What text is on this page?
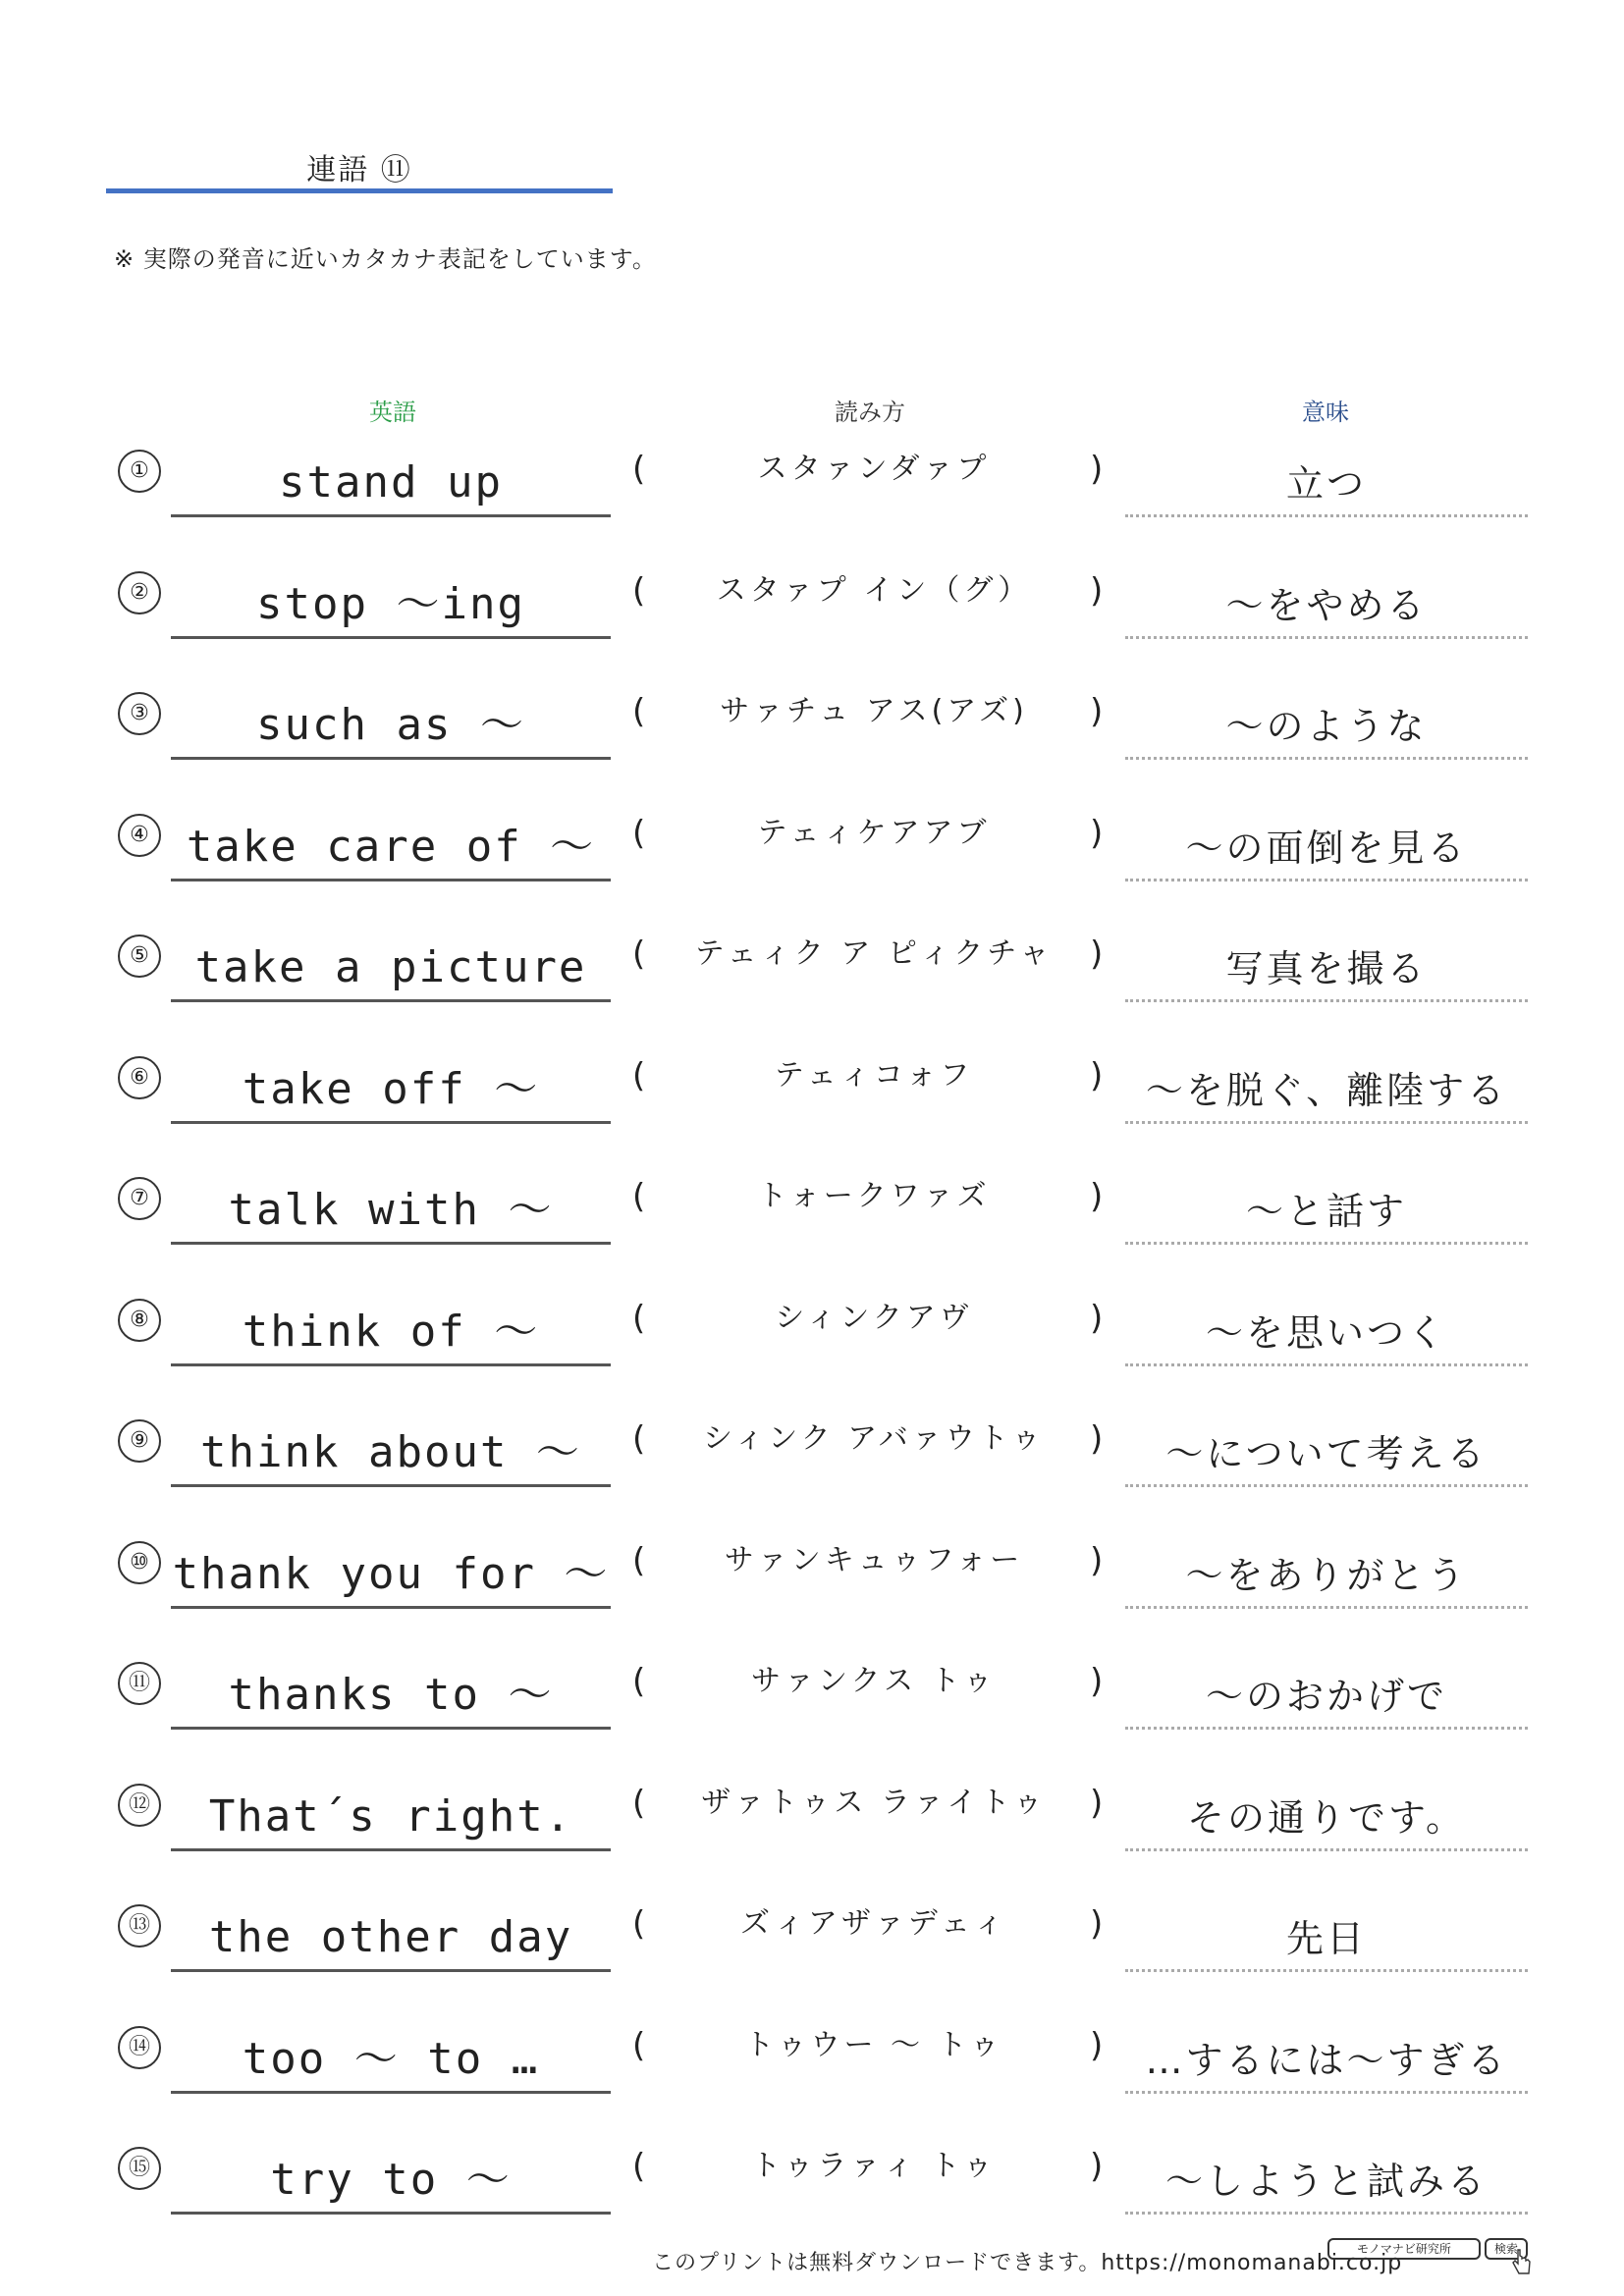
連語 ⑪
※ 実際の発音に近いカタカナ表記をしています。
英語	読み方	意味
①	stand up	(	スタァンダァプ	)	立つ
②	stop ～ing	(	スタァプ イン（グ）	)	～をやめる
③	such as ～	(	サァチュ アス(アズ)	)	～のような
④ take care of ～	(	テェィケアアブ	)	～の面倒を見る
⑤	take a picture	(	テェィク ア ピィクチャ	)	写真を撮る
⑥	take off ～	(	テェィコォフ	)	～を脱ぐ、離陸する
⑦	talk with ～	(	トォークワァズ	)	～と話す
⑧	think of ～	(	シィンクアヴ	)	～を思いつく
⑨	think about ～	(	シィンク アバァウトゥ	)	～について考える
⑩ thank you for ～ (	サァンキュゥフォー	)	～をありがとう
⑪	thanks to ～	(	サァンクス トゥ	)	～のおかげで
⑫	That´s right.	(	ザァトゥス ラァイトゥ	)	その通りです。
⑬	the other day	(	ズィアザァデェィ	)	先日
⑭	too ～ to …	(	トゥウー ～ トゥ	)	…するには～すぎる
⑮	try to ～	(	トゥラァィ トゥ	)	～しようと試みる
このプリントは無料ダウンロードできます。https://monomanabi.co.jp
モノマナビ研究所	検索
